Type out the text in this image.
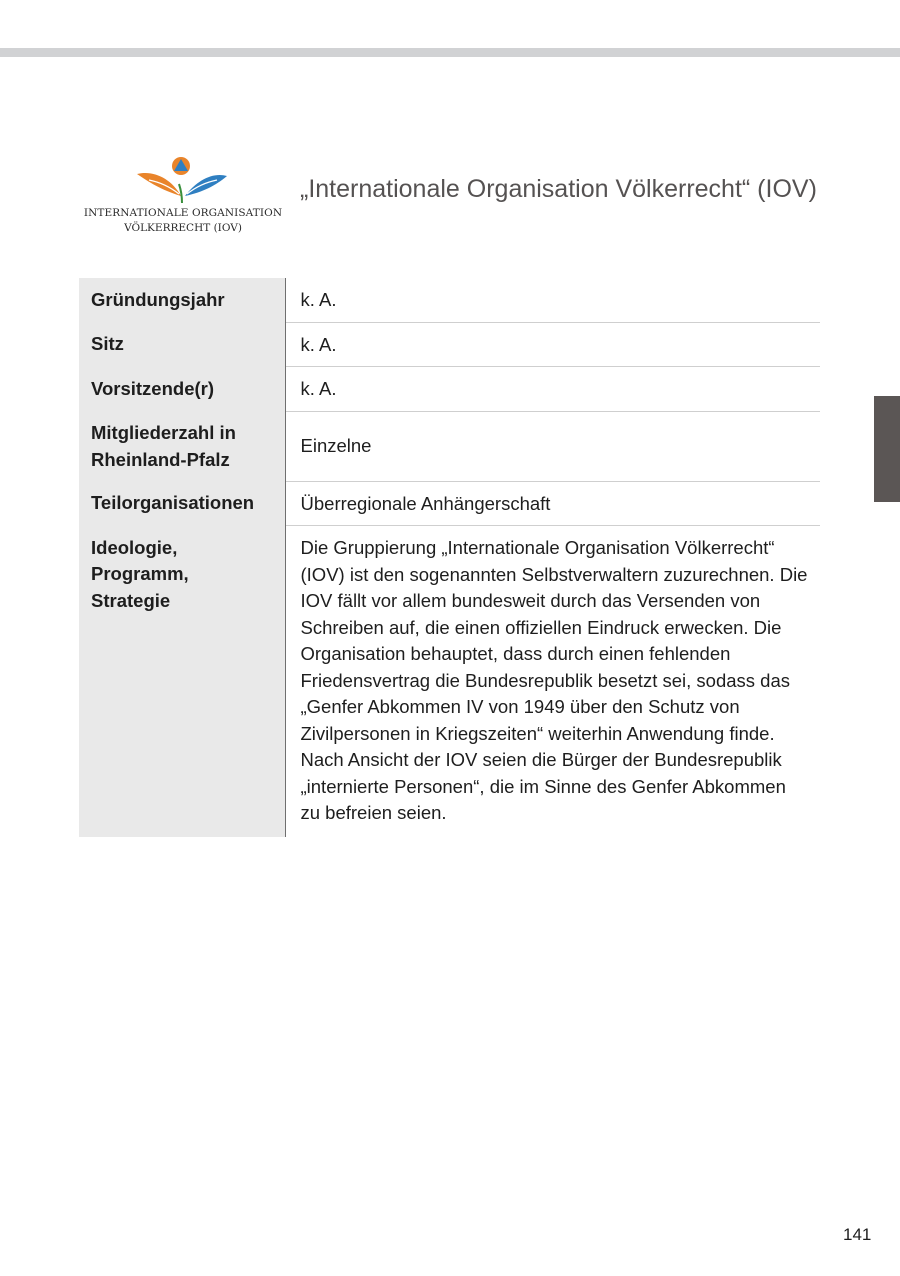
INTERNATIONALE ORGANISATION
VÖLKERRECHT (IOV)
„Internationale Organisation Völkerrecht“ (IOV)
Gründungsjahr	k. A.
Sitz	k. A.
Vorsitzende(r)	k. A.
Mitgliederzahl in Rheinland-Pfalz	Einzelne
Teilorganisationen	Überregionale Anhängerschaft
Ideologie, Programm, Strategie	Die Gruppierung „Internationale Organisation Völkerrecht“ (IOV) ist den sogenannten Selbstverwaltern zuzurechnen. Die IOV fällt vor allem bundesweit durch das Versenden von Schreiben auf, die einen offiziellen Eindruck erwecken. Die Organisation behauptet, dass durch einen fehlenden Friedensvertrag die Bundesrepublik besetzt sei, sodass das „Genfer Abkommen IV von 1949 über den Schutz von Zivilpersonen in Kriegszeiten“ weiterhin Anwendung finde. Nach Ansicht der IOV seien die Bürger der Bundesrepublik „internierte Personen“, die im Sinne des Genfer Abkommen zu befreien seien.
141
